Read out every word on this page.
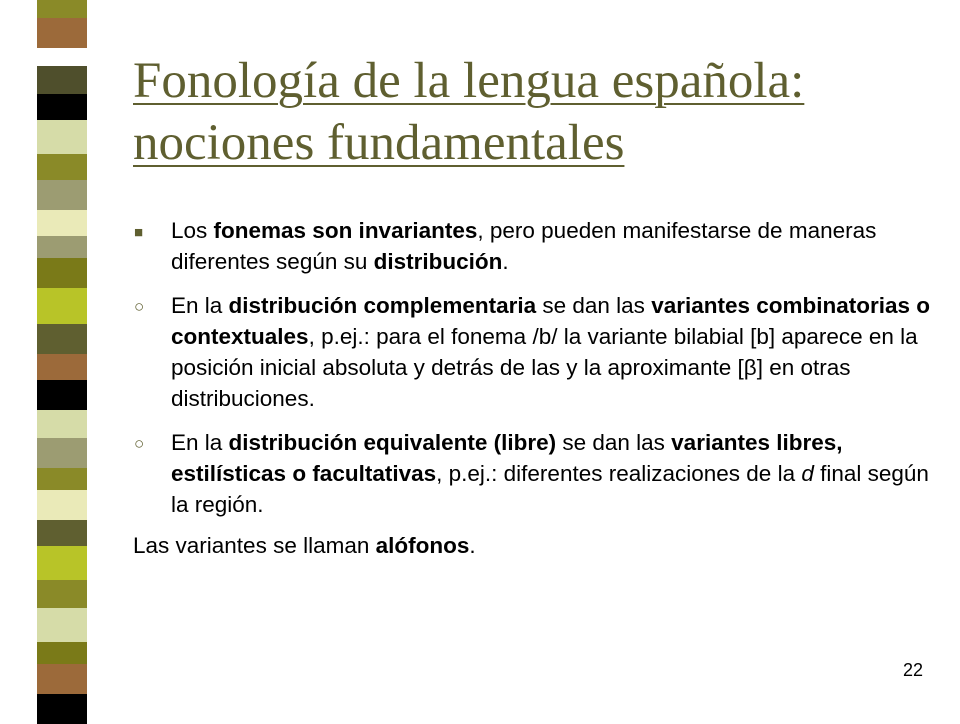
Fonología de la lengua española: nociones fundamentales
■ Los fonemas son invariantes, pero pueden manifestarse de maneras diferentes según su distribución.
○ En la distribución complementaria se dan las variantes combinatorias o contextuales, p.ej.: para el fonema /b/ la variante bilabial [b] aparece en la posición inicial absoluta y detrás de las y la aproximante [β] en otras distribuciones.
○ En la distribución equivalente (libre) se dan las variantes libres, estilísticas o facultativas, p.ej.: diferentes realizaciones de la d final según la región.
Las variantes se llaman alófonos.
22
